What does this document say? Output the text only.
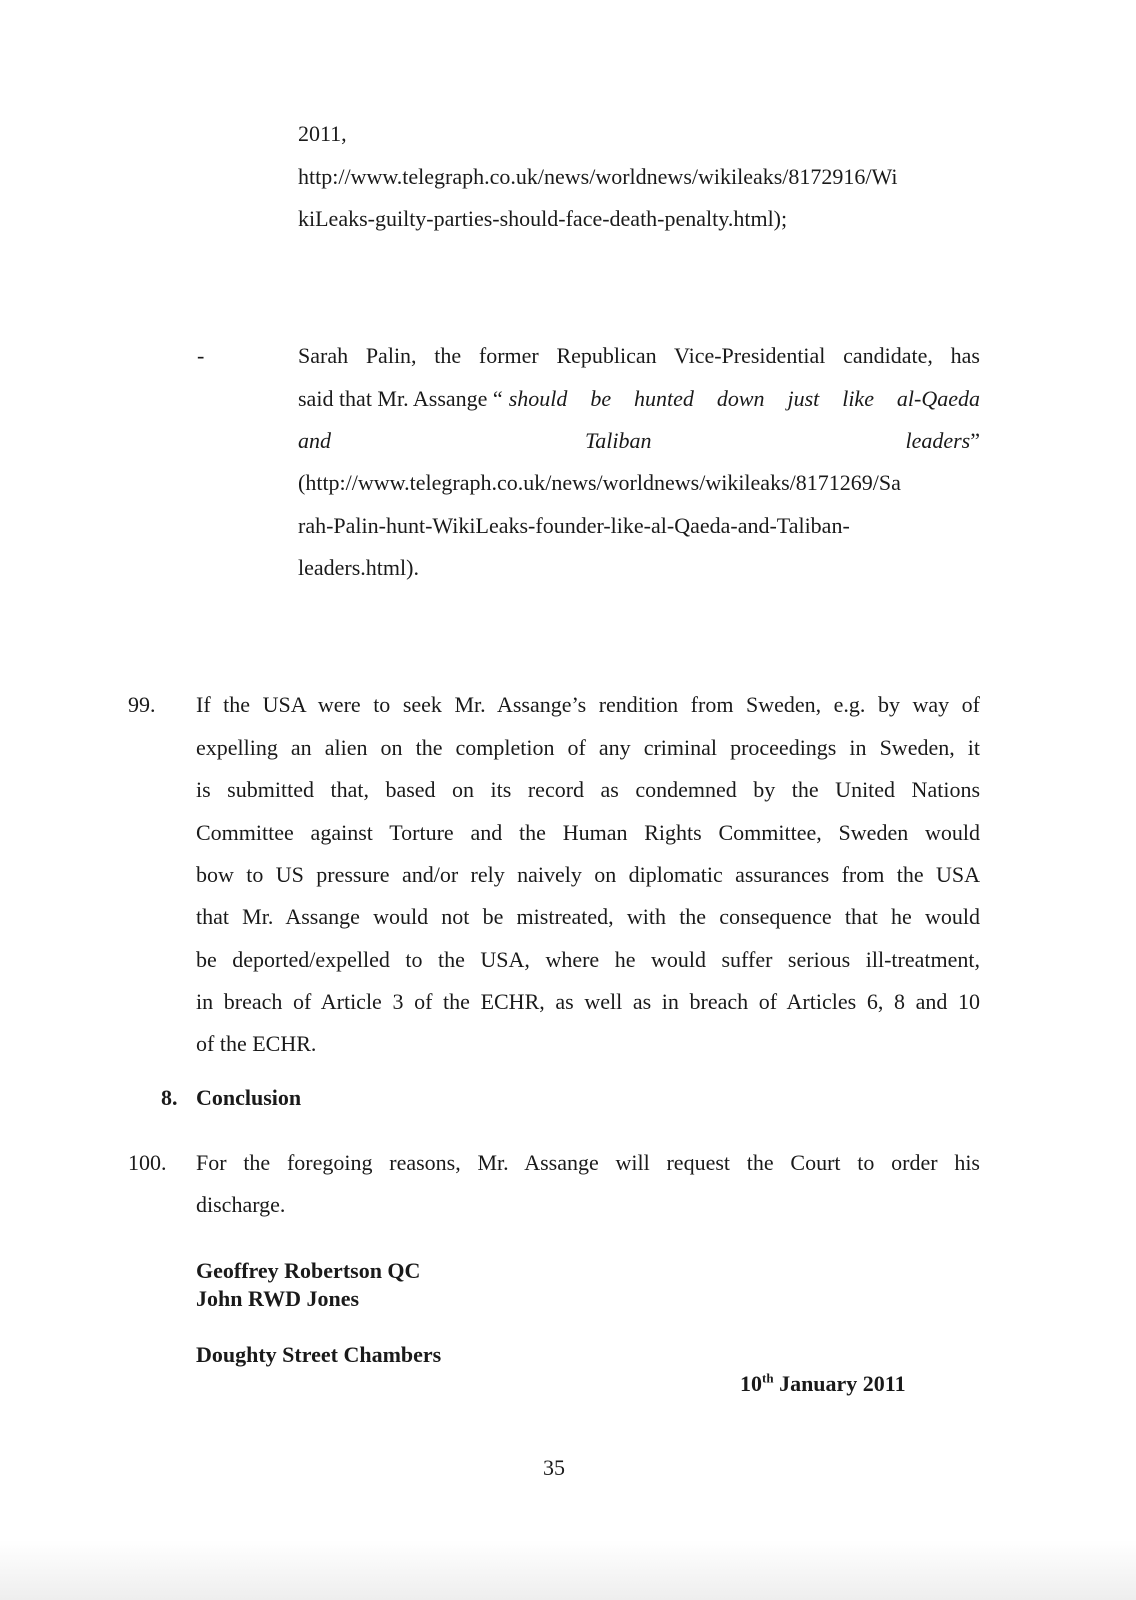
2011,
http://www.telegraph.co.uk/news/worldnews/wikileaks/8172916/Wi
kiLeaks-guilty-parties-should-face-death-penalty.html);
-	Sarah Palin, the former Republican Vice-Presidential candidate, has
said that Mr. Assange “ should be hunted down just like al-Qaeda
and	Taliban	leaders”
(http://www.telegraph.co.uk/news/worldnews/wikileaks/8171269/Sa
rah-Palin-hunt-WikiLeaks-founder-like-al-Qaeda-and-Taliban-
leaders.html).
99. If the USA were to seek Mr. Assange’s rendition from Sweden, e.g. by way of
expelling an alien on the completion of any criminal proceedings in Sweden, it
is submitted that, based on its record as condemned by the United Nations
Committee against Torture and the Human Rights Committee, Sweden would
bow to US pressure and/or rely naively on diplomatic assurances from the USA
that Mr. Assange would not be mistreated, with the consequence that he would
be deported/expelled to the USA, where he would suffer serious ill-treatment,
in breach of Article 3 of the ECHR, as well as in breach of Articles 6, 8 and 10
of the ECHR.
8. Conclusion
100. For the foregoing reasons, Mr. Assange will request the Court to order his
discharge.
Geoffrey Robertson QC
John RWD Jones
Doughty Street Chambers
10th January 2011
35
